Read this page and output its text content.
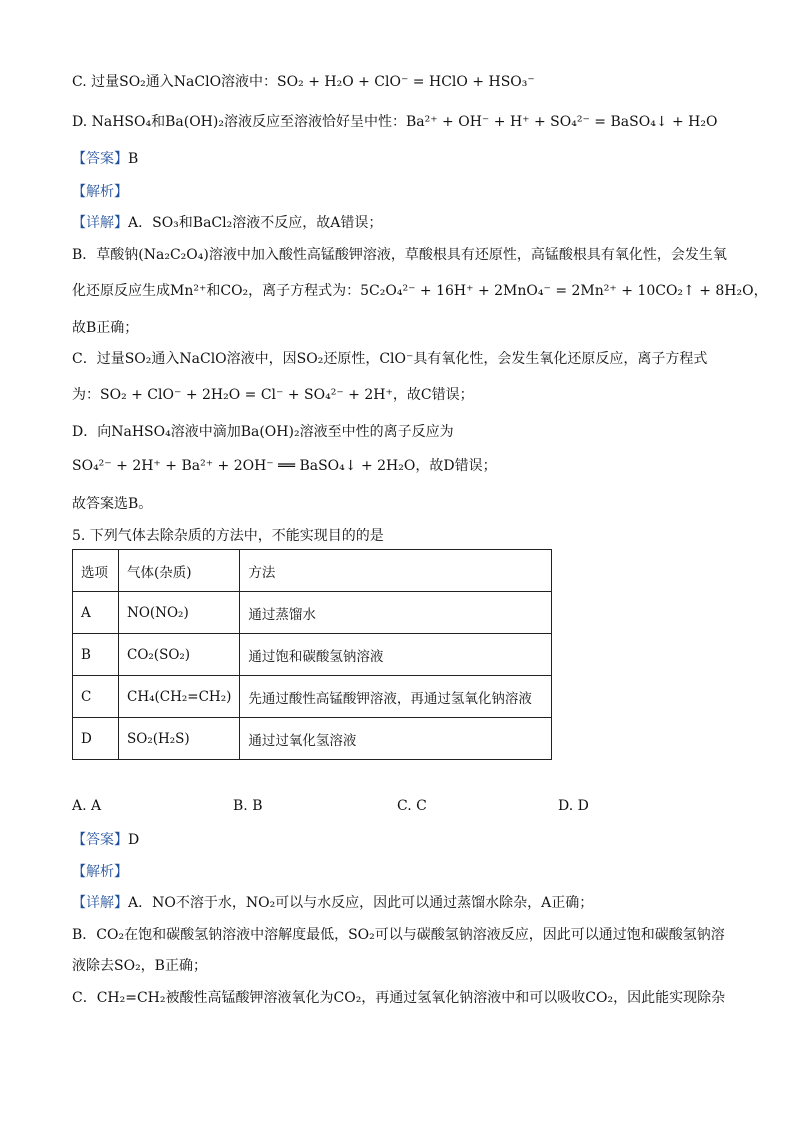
C. 过量SO₂通入NaClO溶液中：SO₂ + H₂O + ClO⁻ = HClO + HSO₃⁻
D. NaHSO₄和Ba(OH)₂溶液反应至溶液恰好呈中性：Ba²⁺ + OH⁻ + H⁺ + SO₄²⁻ = BaSO₄↓ + H₂O
【答案】B
【解析】
【详解】A．SO₃和BaCl₂溶液不反应，故A错误；
B．草酸钠(Na₂C₂O₄)溶液中加入酸性高锰酸钾溶液，草酸根具有还原性，高锰酸根具有氧化性，会发生氧
化还原反应生成Mn²⁺和CO₂，离子方程式为：5C₂O₄²⁻ + 16H⁺ + 2MnO₄⁻ = 2Mn²⁺ + 10CO₂↑ + 8H₂O，
故B正确；
C．过量SO₂通入NaClO溶液中，因SO₂还原性，ClO⁻具有氧化性，会发生氧化还原反应，离子方程式
为：SO₂ + ClO⁻ + 2H₂O = Cl⁻ + SO₄²⁻ + 2H⁺，故C错误；
D．向NaHSO₄溶液中滴加Ba(OH)₂溶液至中性的离子反应为
SO₄²⁻ + 2H⁺ + Ba²⁺ + 2OH⁻ ══ BaSO₄↓ + 2H₂O，故D错误；
故答案选B。
5. 下列气体去除杂质的方法中，不能实现目的的是
选项	气体(杂质)	方法
A	NO(NO₂)	通过蒸馏水
B	CO₂(SO₂)	通过饱和碳酸氢钠溶液
C	CH₄(CH₂=CH₂)	先通过酸性高锰酸钾溶液，再通过氢氧化钠溶液
D	SO₂(H₂S)	通过过氧化氢溶液
A. A	B. B	C. C	D. D
【答案】D
【解析】
【详解】A．NO不溶于水，NO₂可以与水反应，因此可以通过蒸馏水除杂，A正确；
B．CO₂在饱和碳酸氢钠溶液中溶解度最低，SO₂可以与碳酸氢钠溶液反应，因此可以通过饱和碳酸氢钠溶
液除去SO₂，B正确；
C．CH₂=CH₂被酸性高锰酸钾溶液氧化为CO₂，再通过氢氧化钠溶液中和可以吸收CO₂，因此能实现除杂
